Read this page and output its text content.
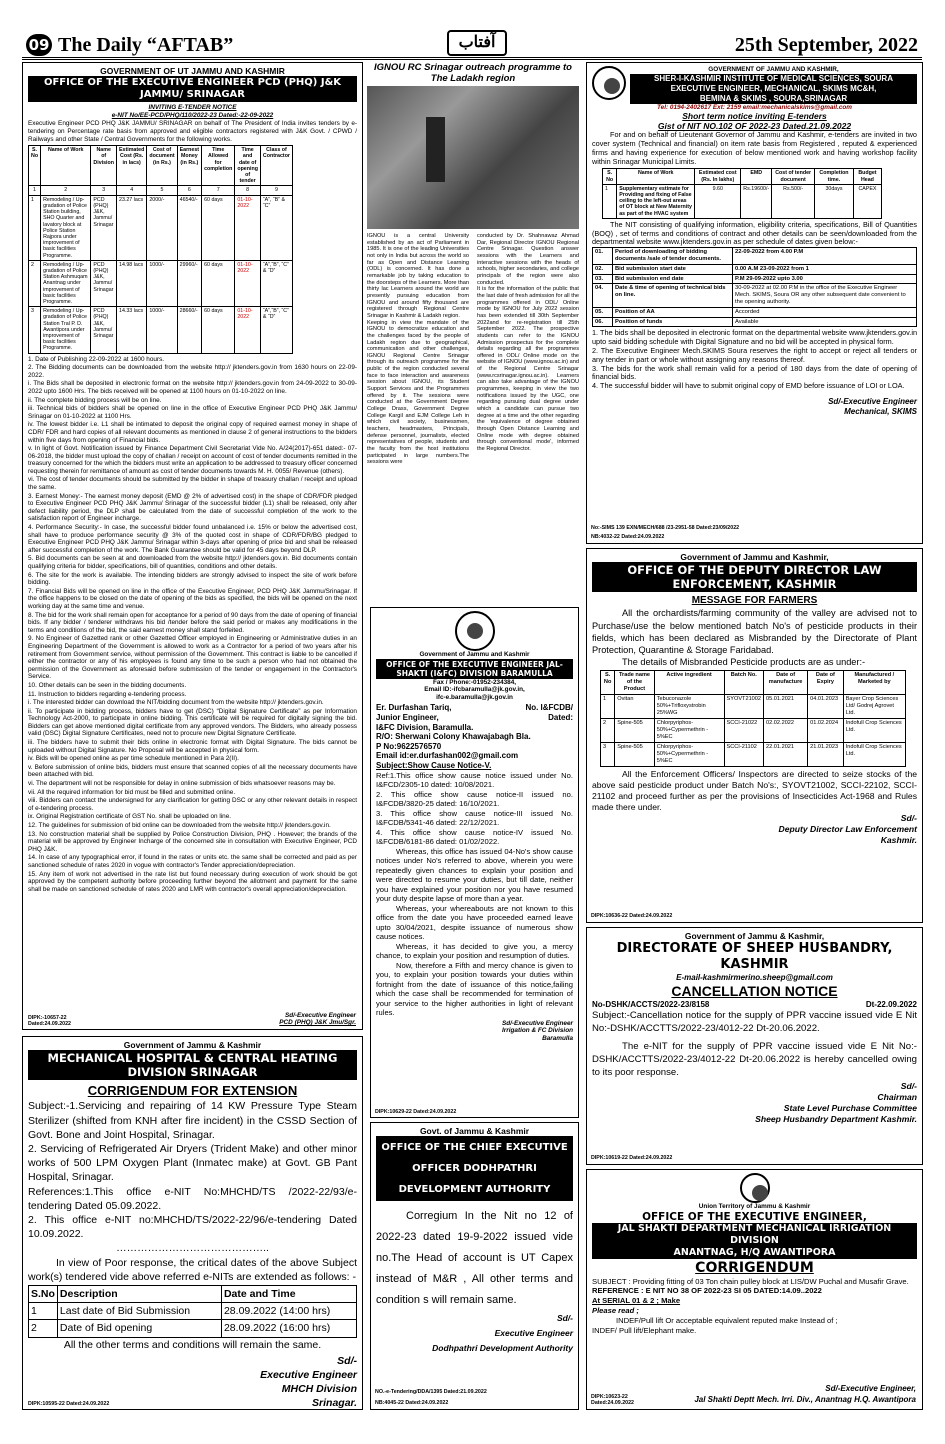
09 The Daily “AFTAB”	آفتاب	25th September, 2022
GOVERNMENT OF UT JAMMU AND KASHMIR
OFFICE OF THE EXECUTIVE ENGINEER PCD (PHQ) J&K JAMMU/ SRINAGAR
INVITING E-TENDER NOTICE
e-NIT No/EE-PCD/PHQ/110/2022-23 Dated:-22-09-2022
Executive Engineer PCD PHQ J&K JAMMU/ SRINAGAR on behalf of The President of India invites tenders by e-tendering on Percentage rate basis from approved and eligible contractors registered with J&K Govt. / CPWD / Railways and other State / Central Governments for the following works.
S. No	Name of Work	Name of Division	Estimated Cost (Rs. in lacs)	Cost of document (in Rs.)	Earnest Money (in Rs.)	Time Allowed for completion	Time and date of opening of tender	Class of Contractor
1	2	3	4	5	6	7	8	9
1	Remodeling / Up-gradation of Police Station building, SHO Quarter and lavatory block at Police Station Rajpora under improvement of basic facilities Programme.	PCD (PHQ) J&K, Jammu/ Srinagar	23.27 lacs	2000/-	46540/-	60 days	01-10-2022	“A”, “B” & “C”
2	Remodeling / Up-gradation of Police Station Ashmuqam Anantnag under improvement of basic facilities Programme.	PCD (PHQ) J&K, Jammu/ Srinagar	14.98 lacs	1000/-	29960/-	60 days	01-10-2022	“A”,“B”, “C” & “D”
3	Remodeling / Up-gradation of Police Station Tral P. D. Awantipora under improvement of basic facilities Programme.	PCD (PHQ) J&K, Jammu/ Srinagar	14.33 lacs	1000/-	28660/-	60 days	01-10-2022	“A”,“B”, “C” & “D”
1. Date of Publishing 22-09-2022 at 1600 hours.
2. The Bidding documents can be downloaded from the website http:// jktenders.gov.in from 1630 hours on 22-09-2022.
i. The Bids shall be deposited in electronic format on the website http:// jktenders.gov.in from 24-09-2022 to 30-09-2022 upto 1600 Hrs. The bids received will be opened at 1100 hours on 01-10-2022 on line.
ii. The complete bidding process will be on line.
iii. Technical bids of bidders shall be opened on line in the office of Executive Engineer PCD PHQ J&K Jammu/ Srinagar on 01-10-2022 at 1100 Hrs.
iv. The lowest bidder i.e. L1 shall be intimated to deposit the original copy of required earnest money in shape of CDR/ FDR and hard copies of all relevant documents as mentioned in clause 2 of general instructions to the bidders within five days from opening of Financial bids.
v. In light of Govt. Notification issued by Finance Department Civil Secretariat Vide No. A/24(2017)-651 dated:- 07-06-2018, the bidder must upload the copy of challan / receipt on account of cost of tender documents remitted in the treasury concerned for the which the bidders must write an application to be addressed to treasury officer concerned requesting therein for remittance of amount as cost of tender documents towards M. H. 0055/ Revenue (others).
vi. The cost of tender documents should be submitted by the bidder in shape of treasury challan / receipt and upload the same.
3. Earnest Money:- The earnest money deposit (EMD @ 2% of advertised cost) in the shape of CDR/FDR pledged to Executive Engineer PCD PHQ J&K Jammu/ Srinagar of the successful bidder (L1) shall be released, only after defect liability period, the DLP shall be calculated from the date of successful completion of the work to the satisfaction report of Engineer incharge.
4. Performance Security:- In case, the successful bidder found unbalanced i.e. 15% or below the advertised cost, shall have to produce performance security @ 3% of the quoted cost in shape of CDR/FDR/BG pledged to Executive Engineer PCD PHQ J&K Jammu/ Srinagar within 3-days after opening of price bid and shall be released after successful completion of the work. The Bank Guarantee should be valid for 45 days beyond DLP.
5. Bid documents can be seen at and downloaded from the website http:// jktenders.gov.in. Bid documents contain qualifying criteria for bidder, specifications, bill of quantities, conditions and other details.
6. The site for the work is available. The intending bidders are strongly advised to inspect the site of work before bidding.
7. Financial Bids will be opened on line in the office of the Executive Engineer, PCD PHQ J&K Jammu/Srinagar. If the office happens to be closed on the date of opening of the bids as specified, the bids will be opened on the next working day at the same time and venue.
8. The bid for the work shall remain open for acceptance for a period of 90 days from the date of opening of financial bids. If any bidder / tenderer withdraws his bid /tender before the said period or makes any modifications in the terms and conditions of the bid, the said earnest money shall stand forfeited.
9. No Engineer of Gazetted rank or other Gazetted Officer employed in Engineering or Administrative duties in an Engineering Department of the Government is allowed to work as a Contractor for a period of two years after his retirement from Government service, without permission of the Government. This contract is liable to be cancelled if either the contractor or any of his employees is found any time to be such a person who had not obtained the permission of the Government as aforesaid before submission of the tender or engagement in the Contractor's Service.
10. Other details can be seen in the bidding documents.
11. Instruction to bidders regarding e-tendering process.
i. The interested bidder can download the NIT/bidding document from the website http:// jktenders.gov.in.
ii. To participate in bidding process, bidders have to get (DSC) “Digital Signature Certificate” as per Information Technology Act-2000, to participate in online bidding. This certificate will be required for digitally signing the bid. Bidders can get above mentioned digital certificate from any approved vendors. The Bidders, who already possess valid (DSC) Digital Signature Certificates, need not to procure new Digital Signature Certificate.
iii. The bidders have to submit their bids online in electronic format with Digital Signature. The bids cannot be uploaded without Digital Signature. No Proposal will be accepted in physical form.
iv. Bids will be opened online as per time schedule mentioned in Para 2(II).
v. Before submission of online bids, bidders must ensure that scanned copies of all the necessary documents have been attached with bid.
vi. The department will not be responsible for delay in online submission of bids whatsoever reasons may be.
vii. All the required information for bid must be filled and submitted online.
viii. Bidders can contact the undersigned for any clarification for getting DSC or any other relevant details in respect of e-tendering process.
ix. Original Registration certificate of GST No. shall be uploaded on line.
12. The guidelines for submission of bid online can be downloaded from the website http:// jktenders.gov.in.
13. No construction material shall be supplied by Police Construction Division, PHQ . However; the brands of the material will be approved by Engineer Incharge of the concerned site in consultation with Executive Engineer, PCD PHQ J&K.
14. In case of any typographical error, if found in the rates or units etc. the same shall be corrected and paid as per sanctioned schedule of rates 2020 in vogue with contractor's Tender appreciation/depreciation.
15. Any item of work not advertised in the rate list but found necessary during execution of work should be got approved by the competent authority before proceeding further beyond the allotment and payment for the same shall be made on sanctioned schedule of rates 2020 and LMR with contractor's overall appreciation/depreciation.
DIPK:-10657-22
Dated:24.09.2022
Sd/-Executive Engineer
PCD (PHQ) J&K Jmu/Sgr.
Government of Jammu & Kashmir
MECHANICAL HOSPITAL & CENTRAL HEATING DIVISION SRINAGAR
CORRIGENDUM FOR EXTENSION
Subject:-1.Servicing and repairing of 14 KW Pressure Type Steam Sterilizer (shifted from KNH after fire incident) in the CSSD Section of Govt. Bone and Joint Hospital, Srinagar.
2. Servicing of Refrigerated Air Dryers (Trident Make) and other minor works of 500 LPM Oxygen Plant (Inmatec make) at Govt. GB Pant Hospital, Srinagar.
References:1.This office e-NIT No:MHCHD/TS /2022-22/93/e-tendering Dated 05.09.2022.
2. This office e-NIT no:MHCHD/TS/2022-22/96/e-tendering Dated 10.09.2022.
……………………………………..
In view of Poor response, the critical dates of the above Subject work(s) tendered vide above referred e-NITs are extended as follows: -
S.No	Description	Date and Time
1	Last date of Bid Submission	28.09.2022 (14:00 hrs)
2	Date of Bid opening	28.09.2022 (16:00 hrs)
All the other terms and conditions will remain the same.
Sd/-
Executive Engineer
MHCH Division
Srinagar.
DIPK:10595-22 Dated:24.09.2022
IGNOU RC Srinagar outreach programme to The Ladakh region
IGNOU is a central University established by an act of Parliament in 1985. It is one of the leading Universities not only in India but across the world so far as Open and Distance Learning (ODL) is concerned. It has done a remarkable job by taking education to the doorsteps of the Learners. More than thirty lac Learners around the world are presently pursuing education from IGNOU and around fifty thousand are registered through Regional Centre Srinagar in Kashmir & Ladakh region.
Keeping in view the mandate of the IGNOU to democratize education and the challenges faced by the people of Ladakh region due to geographical, communication and other challenges, IGNOU Regional Centre Srinagar through its outreach programme for the public of the region conducted several face to face interaction and awareness session about IGNOU, its Student Support Services and the Programmes offered by it. The sessions were conducted at the Government Degree College Drass, Government Degree College Kargil and EJM College Leh in which civil society, businessmen, teachers, headmasters, Principals, defense personnel, journalists, elected representatives of people, students and the faculty from the host institutions participated in large numbers.The sessions were
conducted by Dr. Shahnawaz Ahmad Dar, Regional Director IGNOU Regional Centre Srinagar. Question answer sessions with the Learners and interactive sessions with the heads of schools, higher secondaries, and college principals of the region were also conducted.
It is for the information of the public that the last date of fresh admission for all the programmes offered in ODL/ Online mode by IGNOU for July 2022 session has been extended till 30th September 2022and for re-registration till 25th September 2022. The prospective students can refer to the IGNOU Admission prospectus for the complete details regarding all the programmes offered in ODL/ Online mode on the website of IGNOU (www.ignou.ac.in) and of the Regional Centre Srinagar (www.rcsrinagar.ignou.ac.in). Learners can also take advantage of the IGNOU programmes, keeping in view the two notifications issued by the UGC, one regarding pursuing dual degree under which a candidate can pursue two degree at a time and the other regarding the 'equivalence of degree obtained through Open Distance Learning and Online mode with degree obtained through conventional mode', informed the Regional Director.
Government of Jammu and Kashmir
OFFICE OF THE EXECUTIVE ENGINEER JAL-SHAKTI (I&FC) DIVISION BARAMULLA
Fax / Phone:-01952-234384,
Email ID:-ifcbaramulla@jk.gov.in,
ifc-e.baramulla@jk.gov.in
Er. Durfashan Tariq,	No. I&FCDB/
Junior Engineer,	Dated:
I&FC Division, Baramulla.
R/O: Sherwani Colony Khawajabagh Bla.
P No:9622576570
Email id:er.durfashan002@gmail.com
Subject:Show Cause Notice-V.
Ref:1.This office show cause notice issued under No. I&FCD/2305-10 dated: 10/08/2021.
2. This office show cause notice-II issued no. I&FCDB/3820-25 dated: 16/10/2021.
3. This office show cause notice-III issued No. I&FCDB/5341-46 dated: 22/12/2021.
4. This office show cause notice-IV issued No. I&FCDB/6181-86 dated: 01/02/2022.
Whereas, this office has issued 04-No's show cause notices under No's referred to above, wherein you were repeatedly given chances to explain your position and were directed to resume your duties, but till date, neither you have explained your position nor you have resumed your duty despite lapse of more than a year.
Whereas, your whereabouts are not known to this office from the date you have proceeded earned leave upto 30/04/2021, despite issuance of numerous show cause notices.
Whereas, it has decided to give you, a mercy chance, to explain your position and resumption of duties.
Now, therefore a Fifth and mercy chance is given to you, to explain your position towards your duties within fortnight from the date of issuance of this notice,failing which the case shall be recommended for termination of your service to the higher authorities in light of relevant rules.
Sd/-Executive Engineer
Irrigation & FC Division
Baramulla
DIPK:10629-22 Dated:24.09.2022
Govt. of Jammu & Kashmir
OFFICE OF THE CHIEF EXECUTIVE OFFICER DODHPATHRI DEVELOPMENT AUTHORITY
Corregium In the Nit no 12 of 2022-23 dated 19-9-2022 issued vide no.The Head of account is UT Capex instead of M&R , All other terms and condition s will remain same.
Sd/-
Executive Engineer
Dodhpathri Development Authority
NO.-e-Tendering/DDA/1395 Dated:21.09.2022
NB:4045-22 Dated:24.09.2022
GOVERNMENT OF JAMMU AND KASHMIR,
SHER-I-KASHMIR INSTITUTE OF MEDICAL SCIENCES, SOURA
EXECUTIVE ENGINEER, MECHANICAL, SKIMS MC&H,
BEMINA & SKIMS , SOURA,SRINAGAR
Tel: 0194-2402617 Ext: 2159 email:mechanicalskims@gmail.com
Short term notice inviting E-tenders
Gist of NIT NO.102 OF 2022-23 Dated.21.09.2022
For and on behalf of Lieutenant Governor of Jammu and Kashmir, e-tenders are invited in two cover system (Technical and financial) on item rate basis from Registered , reputed & experienced firms and having experience for execution of below mentioned work and having workshop facility within Srinagar Municipal Limits.
S. No	Name of Work	Estimated cost (Rs. In lakhs)	EMD	Cost of tender document	Completion time.	Budget Head
1	Supplementary estimate for Providing and fixing of False ceiling to the left-out areas of OT block at New Maternity as part of the HVAC system	9.60	Rs.19600/-	Rs.500/-	30days	CAPEX
The NIT consisting of qualifying information, eligibility criteria, specifications, Bill of Quantities (BOQ) , set of terms and conditions of contract and other details can be seen/downloaded from the departmental website www.jktenders.gov.in as per schedule of dates given below:-
01.	Period of downloading of bidding documents /sale of tender documents.	22-09-2022 from 4.00 P.M
02.	Bid submission start date	0.00 A.M 23-09-2022 from 1
03.	Bid submission end date	P.M 29-09-2022 upto 3.00
04.	Date & time of opening of technical bids on line.	30-09-2022 at 02.00 P.M in the office of the Executive Engineer Mech. SKIMS, Soura OR any other subsequent date convenient to the opening authority.
05.	Position of AA	Accorded
06.	Position of funds	Available
1. The bids shall be deposited in electronic format on the departmental website www.jktenders.gov.in upto said bidding schedule with Digital Signature and no bid will be accepted in physical form.
2. The Executive Engineer Mech.SKIMS Soura reserves the right to accept or reject all tenders or any tender in part or whole without assigning any reasons thereof.
3. The bids for the work shall remain valid for a period of 180 days from the date of opening of financial bids.
4. The successful bidder will have to submit original copy of EMD before issuance of LOI or LOA.
Sd/-Executive Engineer
Mechanical, SKIMS
No:-SIMS 139 EXN/MECH/688 /23-2951-58 Dated:23/09/2022
NB:4032-22 Dated:24.09.2022
Government of Jammu and Kashmir,
OFFICE OF THE DEPUTY DIRECTOR LAW ENFORCEMENT, KASHMIR
MESSAGE FOR FARMERS
All the orchardists/farming community of the valley are advised not to Purchase/use the below mentioned batch No's of pesticide products in their fields, which has been declared as Misbranded by the Directorate of Plant Protection, Quarantine & Storage Faridabad.
The details of Misbranded Pesticide products are as under:-
S. No	Trade name of the Product	Active ingredient	Batch No.	Date of manufacture	Date of Expiry	Manufactured / Marketed by
1	Ovitan	Tebuconazole 50%+Trifloxystrobin 25%WG	SYOVT21002	05.01.2021	04.01.2023	Bayer Crop Sciences Ltd/ Godrej Agrovet Ltd.
2	Spine-505	Chlorpyriphos-50%+Cypermethrin - 5%EC	SCCI-21022	02.02.2022	01.02.2024	Indofull Crop Sciences Ltd.
3	Spine-505	Chlorpyriphos-50%+Cypermethrin - 5%EC	SCCI-21102	22.01.2021	21.01.2023	Indofull Crop Sciences Ltd.
All the Enforcement Officers/ Inspectors are directed to seize stocks of the above said pesticide product under Batch No's:, SYOVT21002, SCCI-22102, SCCI-21102 and proceed further as per the provisions of Insecticides Act-1968 and Rules made there under.
Sd/-
Deputy Director Law Enforcement
Kashmir.
DIPK:10636-22 Dated:24.09.2022
Government of Jammu & Kashmir,
DIRECTORATE OF SHEEP HUSBANDRY, KASHMIR
E-mail-kashmirmerino.sheep@gmail.com
CANCELLATION NOTICE
No-DSHK/ACCTS/2022-23/8158	Dt-22.09.2022
Subject:-Cancellation notice for the supply of PPR vaccine issued vide E Nit No:-DSHK/ACCTTS/2022-23/4012-22 Dt-20.06.2022.
The e-NIT for the supply of PPR vaccine issued vide E Nit No:-DSHK/ACCTTS/2022-23/4012-22 Dt-20.06.2022 is hereby cancelled owing to its poor response.
Sd/-
Chairman
State Level Purchase Committee
Sheep Husbandry Department Kashmir.
DIPK:10619-22 Dated:24.09.2022
Union Territory of Jammu & Kashmir
OFFICE OF THE EXECUTIVE ENGINEER,
JAL SHAKTI DEPARTMENT MECHANICAL IRRIGATION DIVISION
ANANTNAG, H/Q AWANTIPORA
CORRIGENDUM
SUBJECT : Providing fitting of 03 Ton chain pulley block at LIS/DW Puchal and Musafir Grave.
REFERENCE : E NIT NO 38 OF 2022-23 SI 05 DATED:14.09..2022
At SERIAL 01 & 2 ; Make
Please read ;
INDEF/Pull lift Or acceptable equivalent reputed make Instead of ;
INDEF/ Pull lift/Elephant make.
DIPK:10623-22 Dated:24.09.2022
Sd/-Executive Engineer,
Jal Shakti Deptt Mech. Irri. Div., Anantnag H.Q. Awantipora
